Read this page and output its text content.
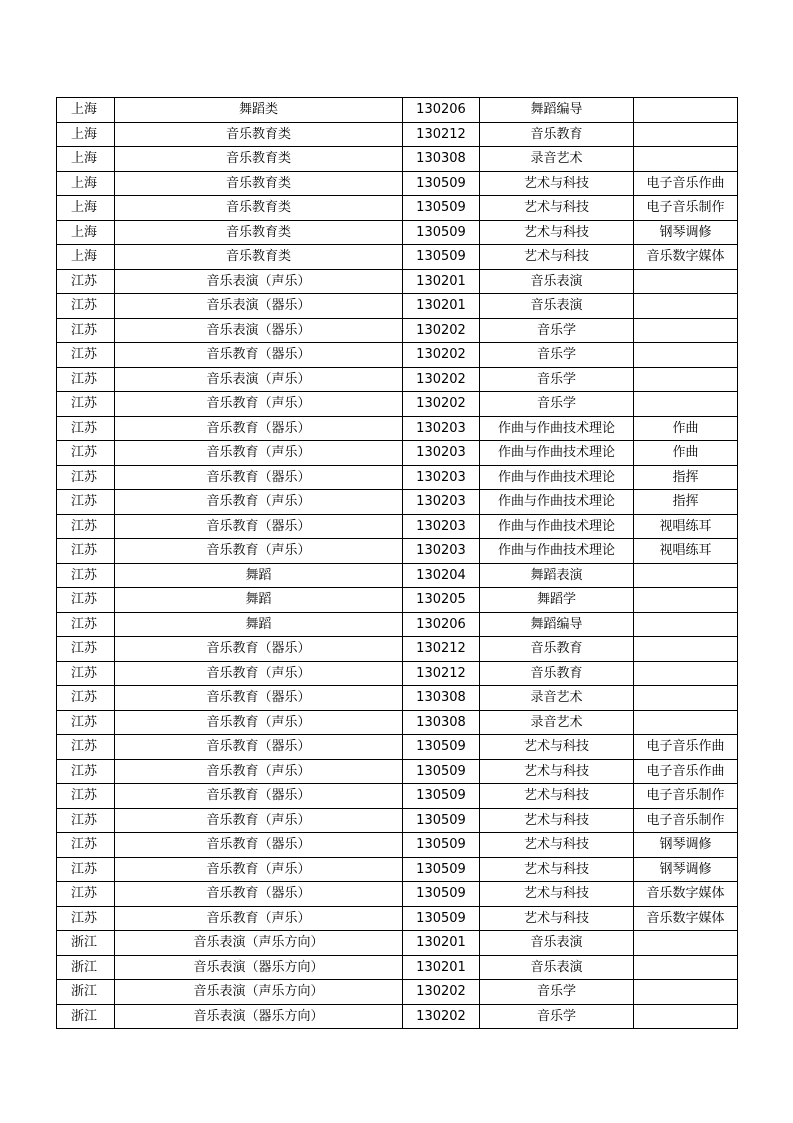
上海	舞蹈类	130206	舞蹈编导	
上海	音乐教育类	130212	音乐教育	
上海	音乐教育类	130308	录音艺术	
上海	音乐教育类	130509	艺术与科技	电子音乐作曲
上海	音乐教育类	130509	艺术与科技	电子音乐制作
上海	音乐教育类	130509	艺术与科技	钢琴调修
上海	音乐教育类	130509	艺术与科技	音乐数字媒体
江苏	音乐表演（声乐）	130201	音乐表演	
江苏	音乐表演（器乐）	130201	音乐表演	
江苏	音乐表演（器乐）	130202	音乐学	
江苏	音乐教育（器乐）	130202	音乐学	
江苏	音乐表演（声乐）	130202	音乐学	
江苏	音乐教育（声乐）	130202	音乐学	
江苏	音乐教育（器乐）	130203	作曲与作曲技术理论	作曲
江苏	音乐教育（声乐）	130203	作曲与作曲技术理论	作曲
江苏	音乐教育（器乐）	130203	作曲与作曲技术理论	指挥
江苏	音乐教育（声乐）	130203	作曲与作曲技术理论	指挥
江苏	音乐教育（器乐）	130203	作曲与作曲技术理论	视唱练耳
江苏	音乐教育（声乐）	130203	作曲与作曲技术理论	视唱练耳
江苏	舞蹈	130204	舞蹈表演	
江苏	舞蹈	130205	舞蹈学	
江苏	舞蹈	130206	舞蹈编导	
江苏	音乐教育（器乐）	130212	音乐教育	
江苏	音乐教育（声乐）	130212	音乐教育	
江苏	音乐教育（器乐）	130308	录音艺术	
江苏	音乐教育（声乐）	130308	录音艺术	
江苏	音乐教育（器乐）	130509	艺术与科技	电子音乐作曲
江苏	音乐教育（声乐）	130509	艺术与科技	电子音乐作曲
江苏	音乐教育（器乐）	130509	艺术与科技	电子音乐制作
江苏	音乐教育（声乐）	130509	艺术与科技	电子音乐制作
江苏	音乐教育（器乐）	130509	艺术与科技	钢琴调修
江苏	音乐教育（声乐）	130509	艺术与科技	钢琴调修
江苏	音乐教育（器乐）	130509	艺术与科技	音乐数字媒体
江苏	音乐教育（声乐）	130509	艺术与科技	音乐数字媒体
浙江	音乐表演（声乐方向）	130201	音乐表演	
浙江	音乐表演（器乐方向）	130201	音乐表演	
浙江	音乐表演（声乐方向）	130202	音乐学	
浙江	音乐表演（器乐方向）	130202	音乐学	
